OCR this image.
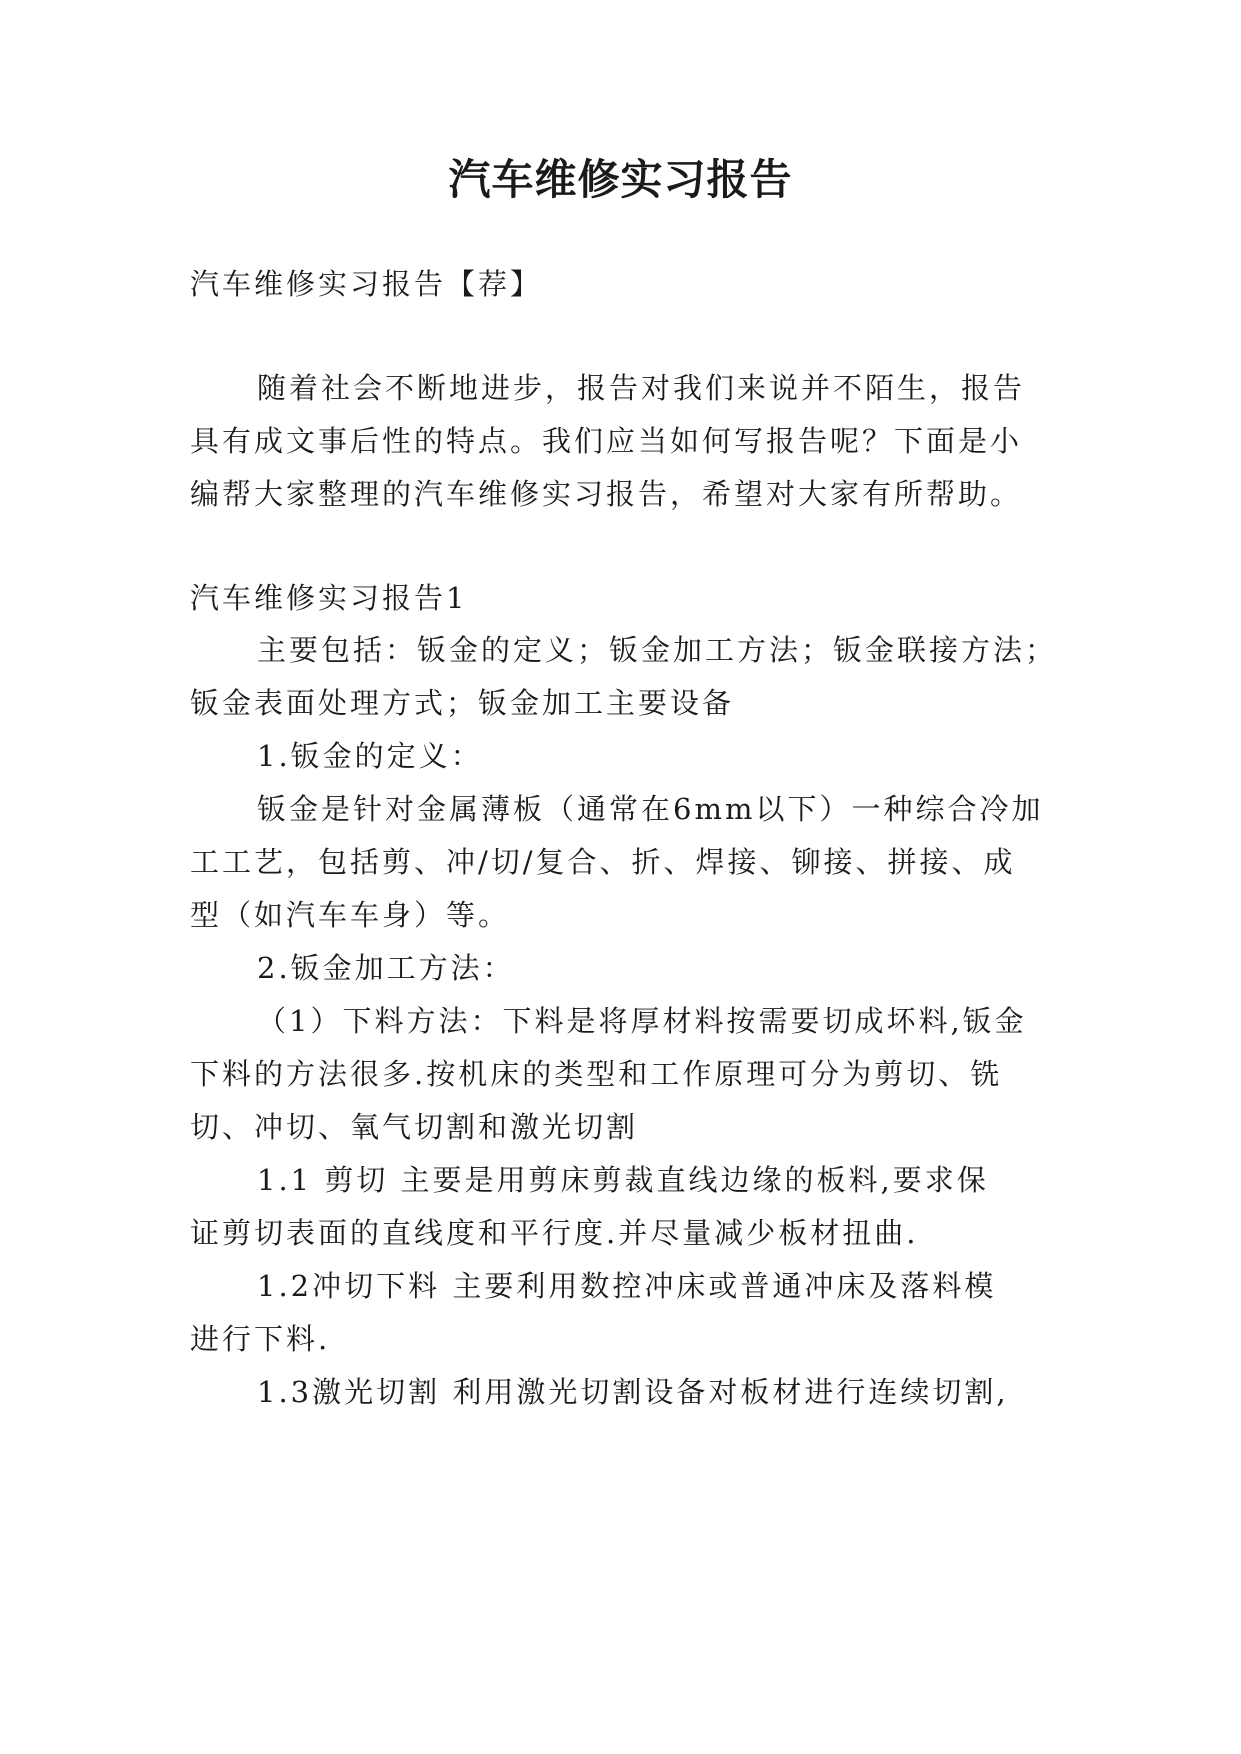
汽车维修实习报告
汽车维修实习报告【荐】
随着社会不断地进步，报告对我们来说并不陌生，报告
具有成文事后性的特点。我们应当如何写报告呢？下面是小
编帮大家整理的汽车维修实习报告，希望对大家有所帮助。
汽车维修实习报告1
主要包括：钣金的定义；钣金加工方法；钣金联接方法；
钣金表面处理方式；钣金加工主要设备
1.钣金的定义：
钣金是针对金属薄板（通常在6mm以下）一种综合冷加
工工艺，包括剪、冲/切/复合、折、焊接、铆接、拼接、成
型（如汽车车身）等。
2.钣金加工方法：
（1）下料方法：下料是将厚材料按需要切成坏料,钣金
下料的方法很多.按机床的类型和工作原理可分为剪切、铣
切、冲切、氧气切割和激光切割
1.1 剪切 主要是用剪床剪裁直线边缘的板料,要求保
证剪切表面的直线度和平行度.并尽量减少板材扭曲.
1.2冲切下料 主要利用数控冲床或普通冲床及落料模
进行下料.
1.3激光切割 利用激光切割设备对板材进行连续切割,
